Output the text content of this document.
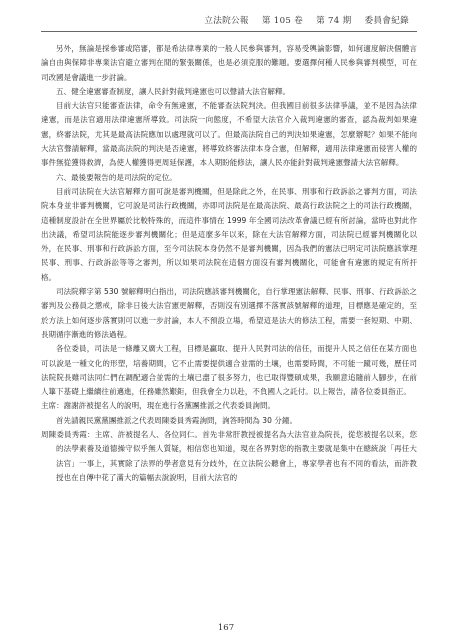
立法院公報 第 105 卷 第 74 期 委員會紀錄

另外，無論是採參審或陪審，都是希法律專業的一般人民參與審判，容易受輿論影響，如何適度解決個體言論自由與保障非專業法官避立審判在閒的緊張關係，也是必須克服的難題。要選擇何種人民參與審判模型，可在司改國是會議進一步討論。

五、健全違憲審查制度，讓人民針對裁判違憲也可以聲請大法官解釋。

目前大法官只能審查法律，命令有無違憲，不能審查法院判決。但我國目前很多法律爭議，並不是因為法律違憲，而是法官適用法律違憲所導致。司法院一向態度，不希望大法官介入裁判違憲的審查，認為裁判如果違憲，終審法院，尤其是最高法院應加以處理就可以了。但最高法院自己的判決如果違憲，怎麼辦呢？如果不能向大法官聲請解釋，當最高法院的判決是否違憲，將導致終審法律本身合憲，但解釋，適用法律違憲而侵害人權的事件無從獲得救濟，為使人權獲得更周延保護，本人期盼能修法，讓人民亦能針對裁判違憲聲請大法官解釋。

六、最後要報告的是司法院的定位。

目前司法院在大法官解釋方面可說是審判機關，但是除此之外，在民事、刑事和行政訴訟之審判方面，司法院本身並非審判機關，它可說是司法行政機關，亦即司法院是在最高法院、最高行政法院之上的司法行政機關，這種制度設計在全世界屬於比較特殊的，而這件事情在 1999 年全國司法改革會議已經有所討論，當時也對此作出決議，希望司法院能逐步審判機關化；但是這麼多年以來，除在大法官解釋方面，司法院已經審判機關化以外，在民事、刑事和行政訴訟方面，至今司法院本身仍然不是審判機關，因為我們的憲法已明定司法院應該掌理民事、刑事、行政訴訟等等之審判，所以如果司法院在這個方面沒有審判機關化，可能會有違憲的規定有所扞格。

司法院釋字第 530 號解釋明白指出，司法院應該審判機關化，自行掌理憲法解釋、民事、刑事、行政訴訟之審判及公務員之懲戒，除非日後大法官憲更解釋，否則沒有別選擇不落實該號解釋的道理，目標應是確定的，至於方法上如何逐步落實則可以進一步討論，本人不預設立場，希望這是法大的修法工程，需要一套短期、中期、長期循序漸進的修法過程。

各位委員，司法是一條離又廣大工程，目標是贏取、提升人民對司法的信任，而提升人民之信任在某方面也可以說是一種文化的形塑，培養期間，它不止需要提供適合並需的土壤，也需要時間，不可能一蹴可幾，歷任司法院院長雖司法同仁們在調配適合並需的土壤已盡了很多努力，也已取得豐碩成果，我願意追隨前人腳步，在前人篳下基礎上繼續往前邁進，任務雖然艱鉅，但我會全力以赴，不負國人之託付。以上報告，請各位委員指正。

主席：謝謝許被提名人的說明，現在進行各黨團推派之代表委員詢問。

首先請親民黨黨團推派之代表周陳委員秀霞詢問，詢答時間為 30 分鐘。

周陳委員秀霞：主席、許被提名人、各位同仁。首先非常肝教授被提名為大法官並為院長，從您被提名以來，您的法學素養及道德操守似乎無人質疑，相信您也知道，現在各界對您的指教主要就是集中在總統說「再任大法官」一事上，其實除了法界的學者意見有分歧外，在立法院公聽會上，專家學者也有不同的看法，而許教授也在自傳中花了滿大的篇幅去說說明，目前大法官的

167
